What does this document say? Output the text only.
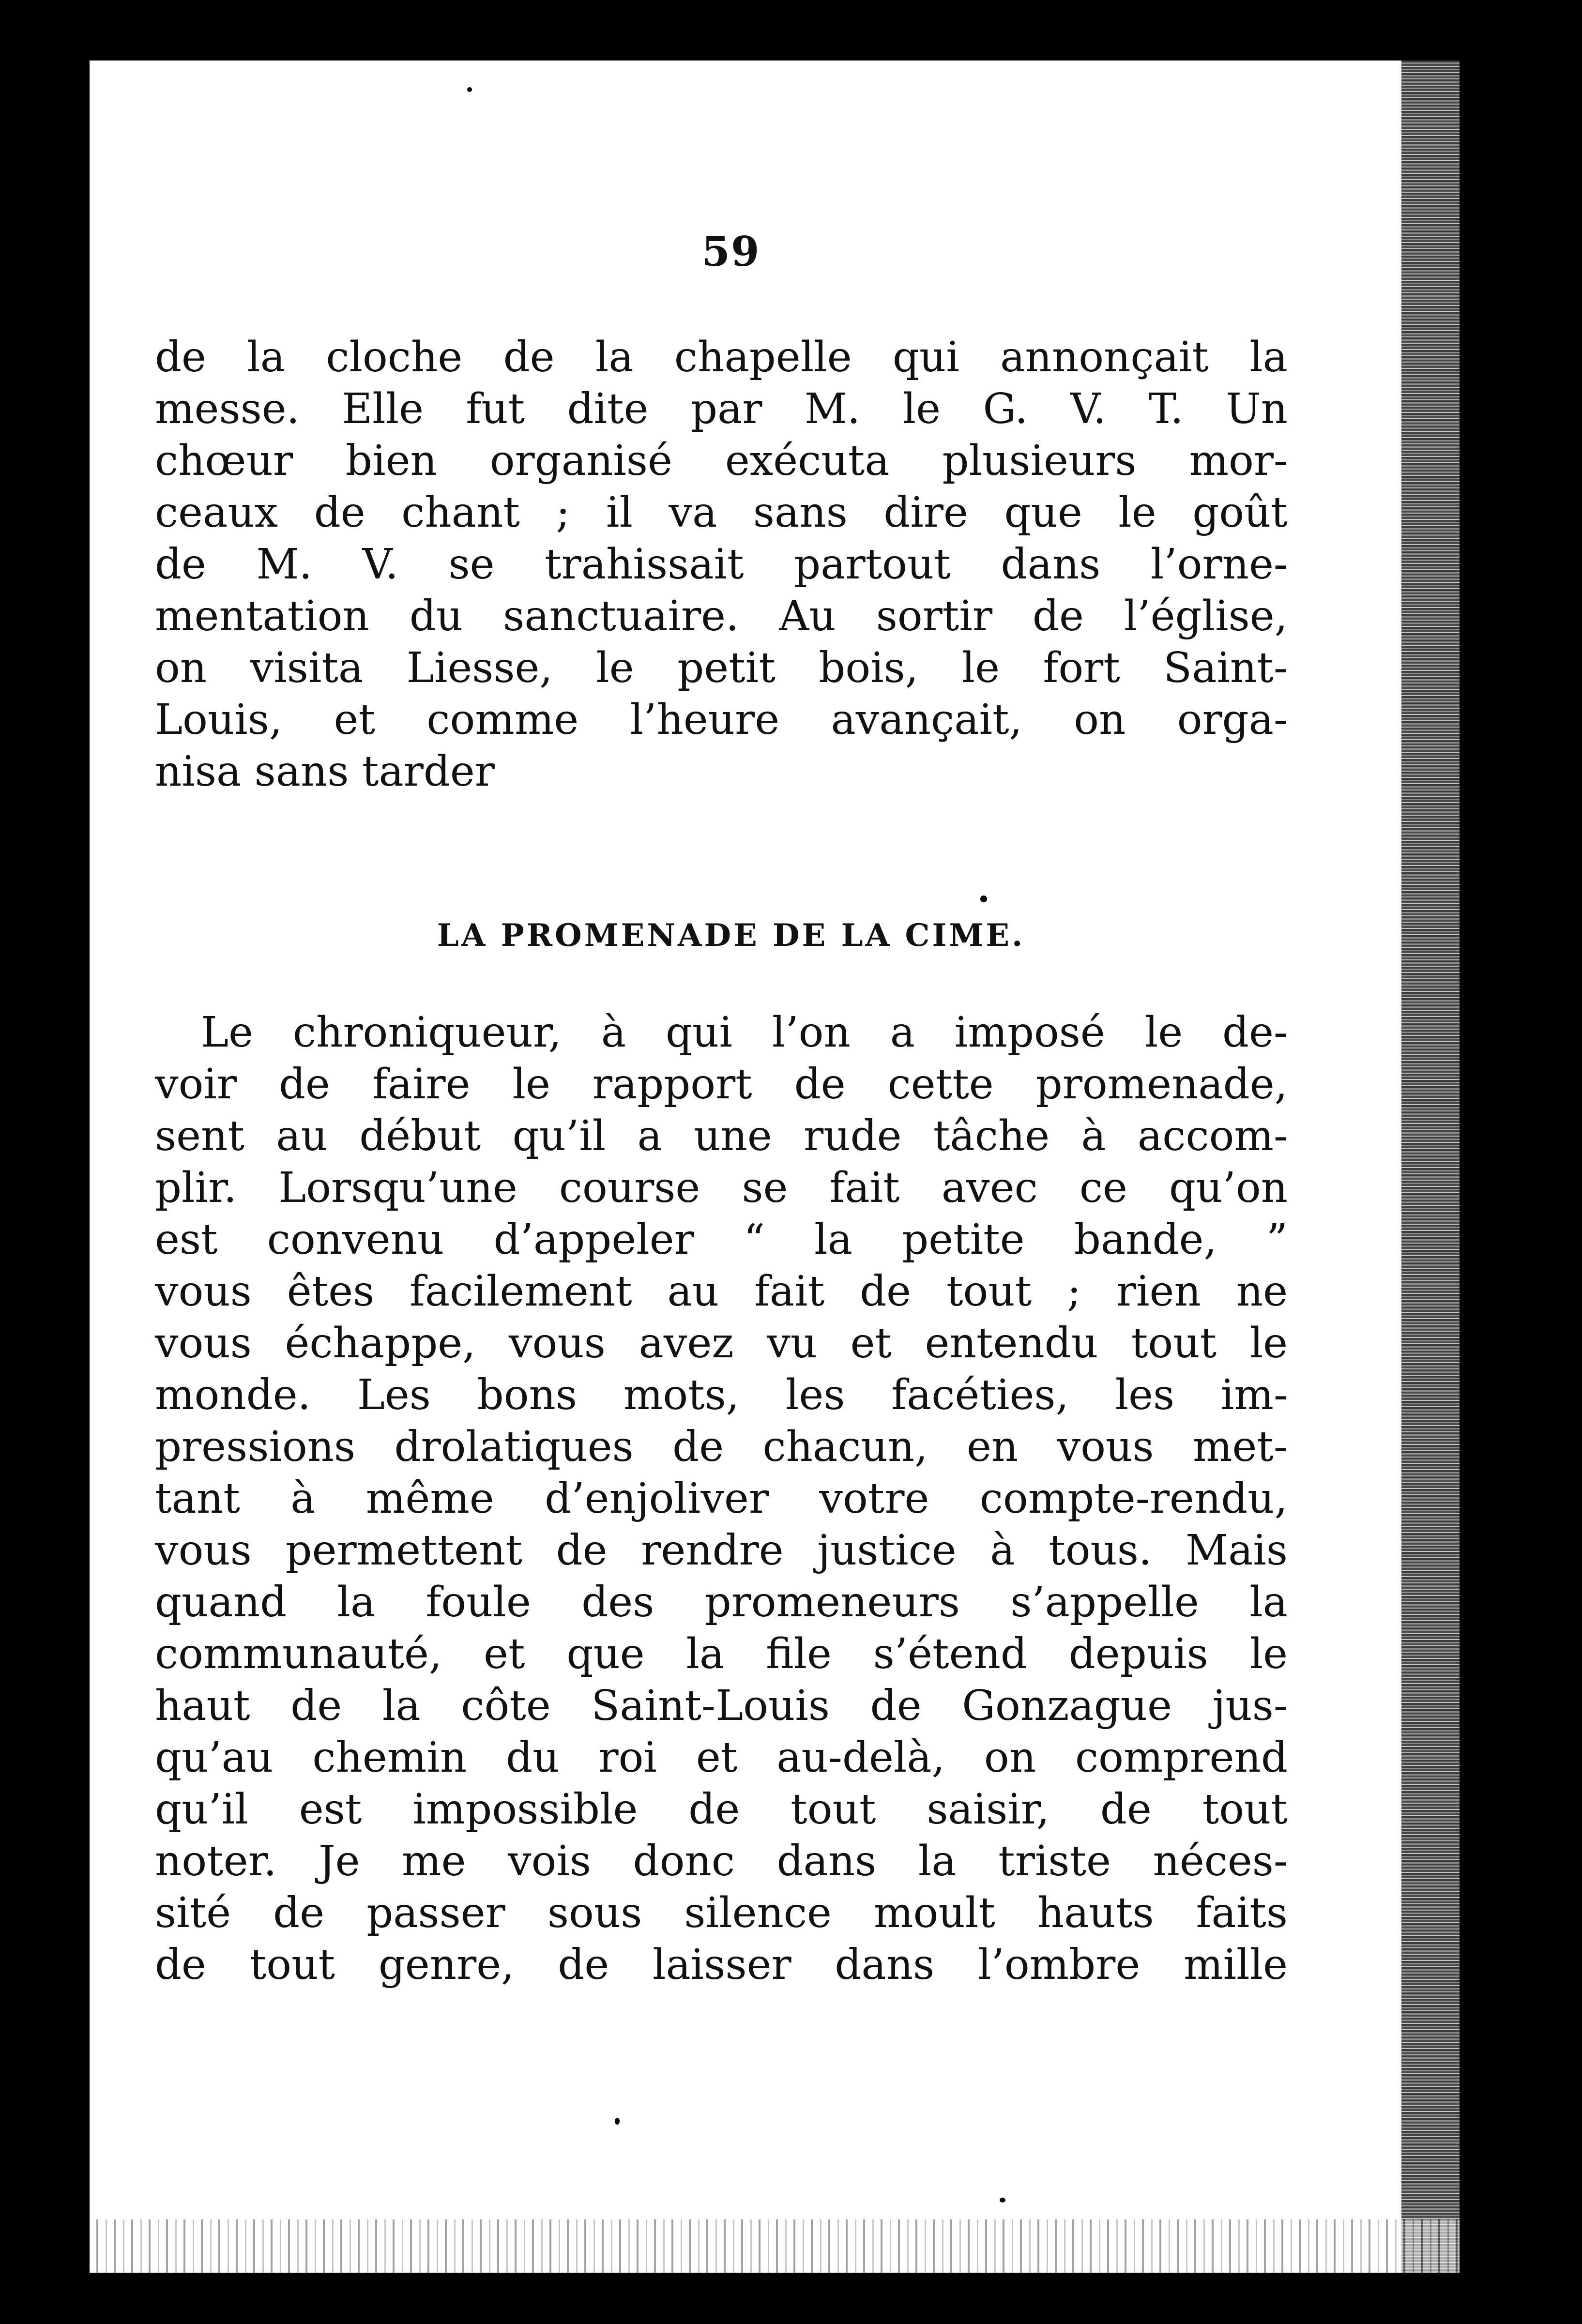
59
de la cloche de la chapelle qui annonçait la
messe. Elle fut dite par M. le G. V. T. Un
chœur bien organisé exécuta plusieurs mor-
ceaux de chant ; il va sans dire que le goût
de M. V. se trahissait partout dans l’orne-
mentation du sanctuaire. Au sortir de l’église,
on visita Liesse, le petit bois, le fort Saint-
Louis, et comme l’heure avançait, on orga-
nisa sans tarder
LA PROMENADE DE LA CIME.
Le chroniqueur, à qui l’on a imposé le de-
voir de faire le rapport de cette promenade,
sent au début qu’il a une rude tâche à accom-
plir. Lorsqu’une course se fait avec ce qu’on
est convenu d’appeler “ la petite bande, ”
vous êtes facilement au fait de tout ; rien ne
vous échappe, vous avez vu et entendu tout le
monde. Les bons mots, les facéties, les im-
pressions drolatiques de chacun, en vous met-
tant à même d’enjoliver votre compte-rendu,
vous permettent de rendre justice à tous. Mais
quand la foule des promeneurs s’appelle la
communauté, et que la file s’étend depuis le
haut de la côte Saint-Louis de Gonzague jus-
qu’au chemin du roi et au-delà, on comprend
qu’il est impossible de tout saisir, de tout
noter. Je me vois donc dans la triste néces-
sité de passer sous silence moult hauts faits
de tout genre, de laisser dans l’ombre mille
